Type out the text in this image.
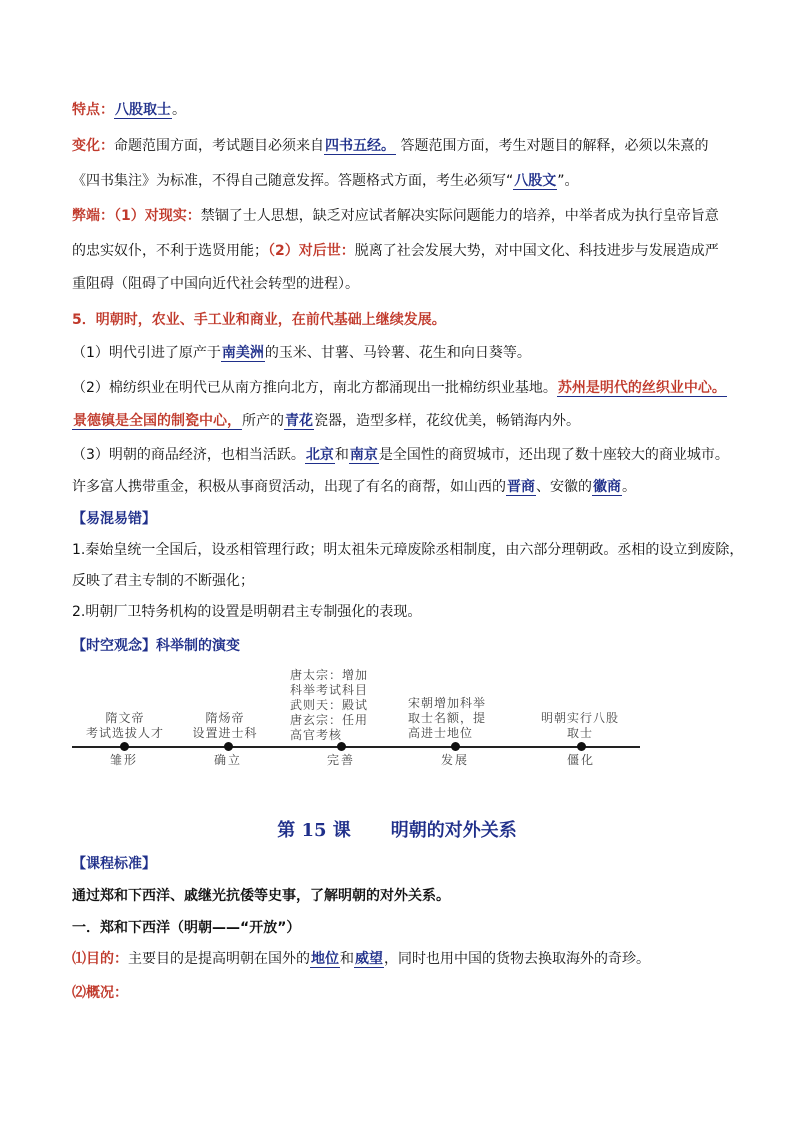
特点：八股取士。
变化：命题范围方面，考试题目必须来自四书五经。 答题范围方面，考生对题目的解释，必须以朱熹的
《四书集注》为标准，不得自己随意发挥。答题格式方面，考生必须写“八股文”。
弊端：（1）对现实：禁锢了士人思想，缺乏对应试者解决实际问题能力的培养，中举者成为执行皇帝旨意
的忠实奴仆，不利于选贤用能；（2）对后世：脱离了社会发展大势，对中国文化、科技进步与发展造成严
重阻碍（阻碍了中国向近代社会转型的进程）。
5．明朝时，农业、手工业和商业，在前代基础上继续发展。
（1）明代引进了原产于南美洲的玉米、甘薯、马铃薯、花生和向日葵等。
（2）棉纺织业在明代已从南方推向北方，南北方都涌现出一批棉纺织业基地。苏州是明代的丝织业中心。
景德镇是全国的制瓷中心，所产的青花瓷器，造型多样，花纹优美，畅销海内外。
（3）明朝的商品经济，也相当活跃。北京和南京是全国性的商贸城市，还出现了数十座较大的商业城市。
许多富人携带重金，积极从事商贸活动，出现了有名的商帮，如山西的晋商、安徽的徽商。
【易混易错】
1.秦始皇统一全国后，设丞相管理行政；明太祖朱元璋废除丞相制度，由六部分理朝政。丞相的设立到废除，
反映了君主专制的不断强化；
2.明朝厂卫特务机构的设置是明朝君主专制强化的表现。
【时空观念】科举制的演变
隋文帝
考试选拔人才
隋炀帝
设置进士科
唐太宗：增加
科举考试科目
武则天：殿试
唐玄宗：任用
高官考核
宋朝增加科举
取士名额，提
高进士地位
明朝实行八股
取士
雏形	确立	完善	发展	僵化
第 15 课 明朝的对外关系
【课程标准】
通过郑和下西洋、戚继光抗倭等史事，了解明朝的对外关系。
一．郑和下西洋（明朝——“开放”）
⑴目的：主要目的是提高明朝在国外的地位和威望，同时也用中国的货物去换取海外的奇珍。
⑵概况：
